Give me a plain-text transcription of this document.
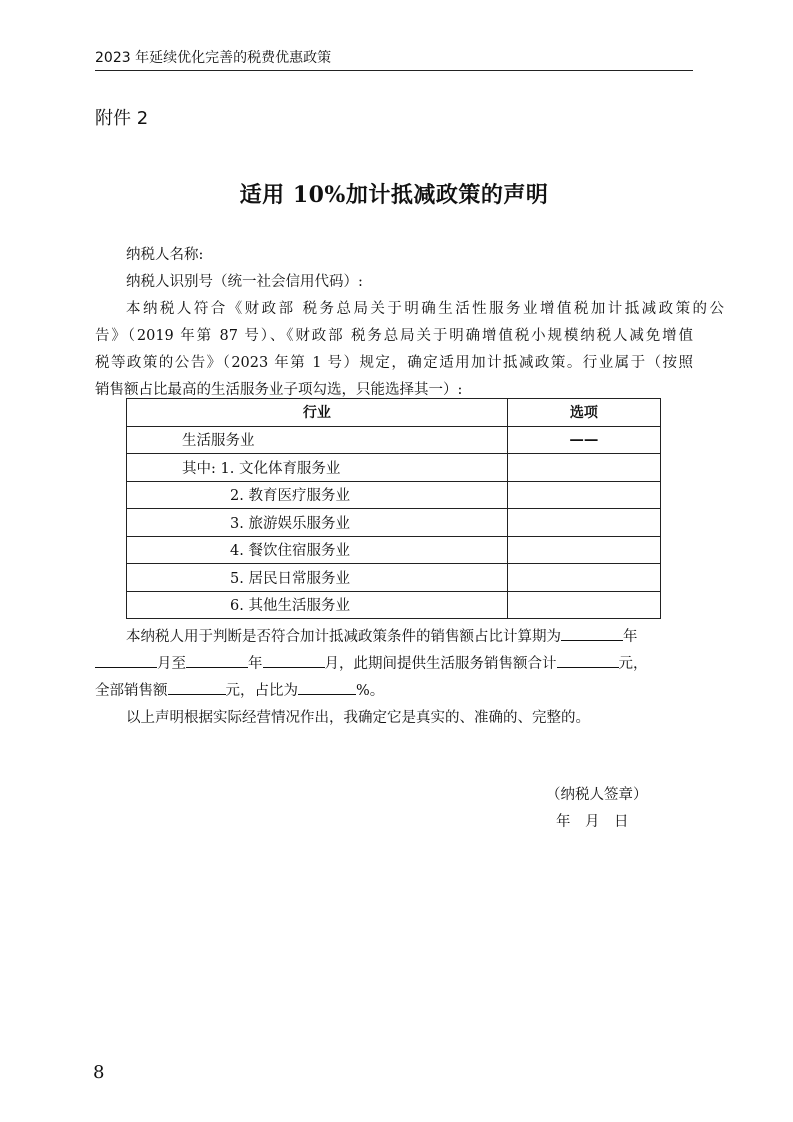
2023 年延续优化完善的税费优惠政策
附件 2
适用 10%加计抵减政策的声明
纳税人名称:
纳税人识别号（统一社会信用代码）:
本纳税人符合《财政部 税务总局关于明确生活性服务业增值税加计抵减政策的公
告》（2019 年第 87 号）、《财政部 税务总局关于明确增值税小规模纳税人减免增值
税等政策的公告》（2023 年第 1 号）规定，确定适用加计抵减政策。行业属于（按照
销售额占比最高的生活服务业子项勾选，只能选择其一）:
行业	选项
生活服务业	——
其中: 1. 文化体育服务业	
2. 教育医疗服务业	
3. 旅游娱乐服务业	
4. 餐饮住宿服务业	
5. 居民日常服务业	
6. 其他生活服务业	
本纳税人用于判断是否符合加计抵减政策条件的销售额占比计算期为	年
月至	年	月，此期间提供生活服务销售额合计	元，
全部销售额	元，占比为	%。
以上声明根据实际经营情况作出，我确定它是真实的、准确的、完整的。
（纳税人签章）
年　月　日
8
